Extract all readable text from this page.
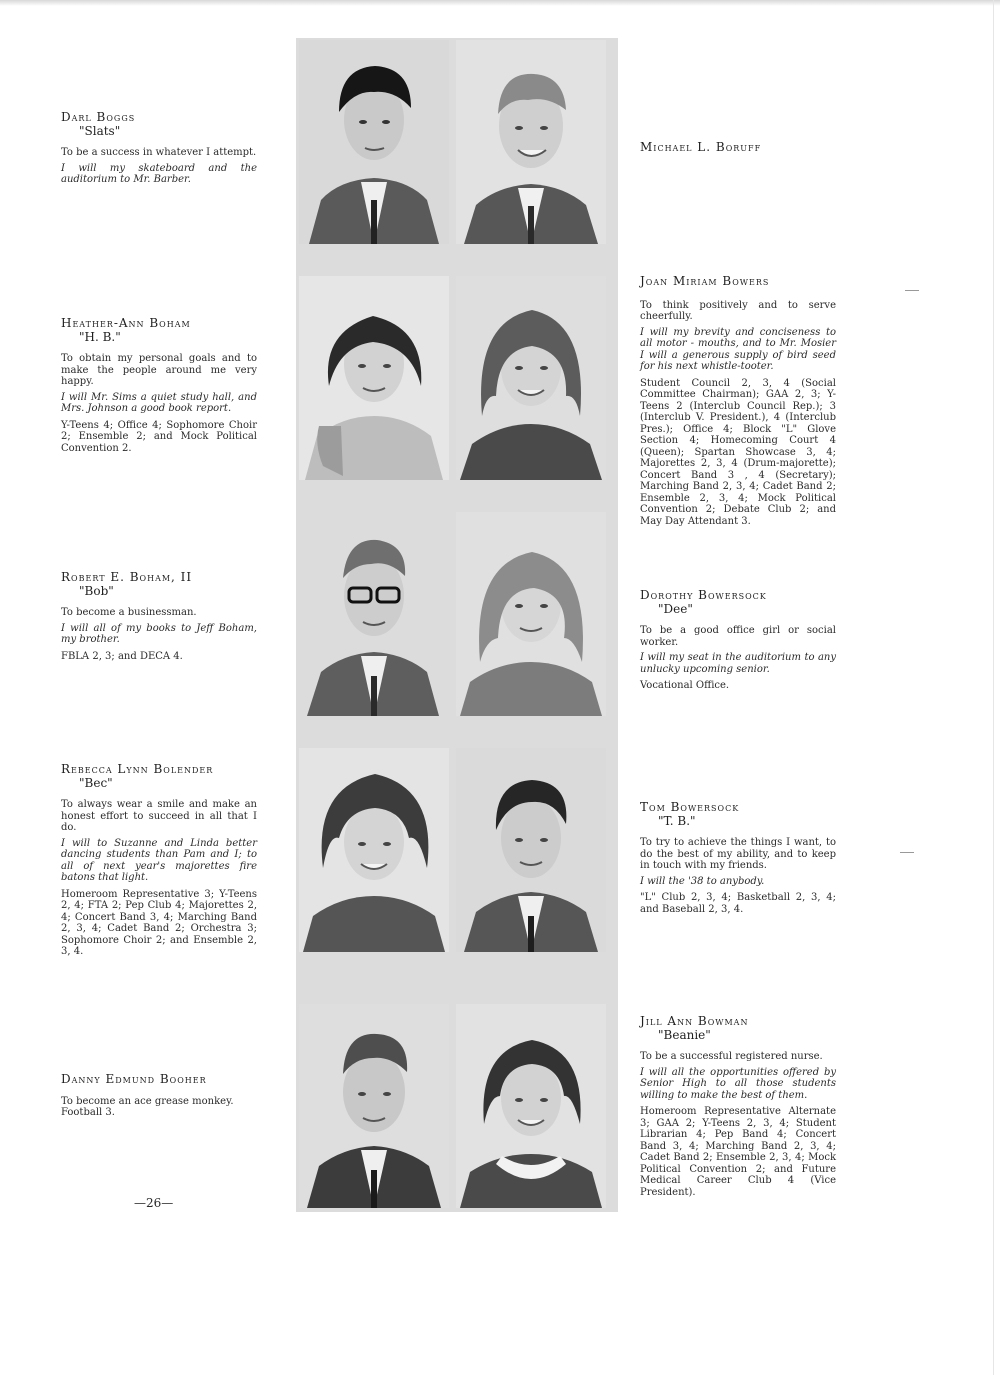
Darl Boggs
"Slats"
To be a success in whatever I attempt.
I will my skateboard and the auditorium to Mr. Barber.
Heather-Ann Boham
"H. B."
To obtain my personal goals and to make the people around me very happy.
I will Mr. Sims a quiet study hall, and Mrs. Johnson a good book report.
Y-Teens 4; Office 4; Sophomore Choir 2; Ensemble 2; and Mock Political Convention 2.
Robert E. Boham, II
"Bob"
To become a businessman.
I will all of my books to Jeff Boham, my brother.
FBLA 2, 3; and DECA 4.
Rebecca Lynn Bolender
"Bec"
To always wear a smile and make an honest effort to succeed in all that I do.
I will to Suzanne and Linda better dancing students than Pam and I; to all of next year's majorettes fire batons that light.
Homeroom Representative 3; Y-Teens 2, 4; FTA 2; Pep Club 4; Majorettes 2, 4; Concert Band 3, 4; Marching Band 2, 3, 4; Cadet Band 2; Orchestra 3; Sophomore Choir 2; and Ensemble 2, 3, 4.
Danny Edmund Booher
To become an ace grease monkey.
Football 3.
—26—
Michael L. Boruff
Joan Miriam Bowers
To think positively and to serve cheerfully.
I will my brevity and conciseness to all motor - mouths, and to Mr. Mosier I will a generous supply of bird seed for his next whistle-tooter.
Student Council 2, 3, 4 (Social Committee Chairman); GAA 2, 3; Y-Teens 2 (Interclub Council Rep.); 3 (Interclub V. President.), 4 (Interclub Pres.); Office 4; Block "L" Glove Section 4; Homecoming Court 4 (Queen); Spartan Showcase 3, 4; Majorettes 2, 3, 4 (Drum-majorette); Concert Band 3 , 4 (Secretary); Marching Band 2, 3, 4; Cadet Band 2; Ensemble 2, 3, 4; Mock Political Convention 2; Debate Club 2; and May Day Attendant 3.
Dorothy Bowersock
"Dee"
To be a good office girl or social worker.
I will my seat in the auditorium to any unlucky upcoming senior.
Vocational Office.
Tom Bowersock
"T. B."
To try to achieve the things I want, to do the best of my ability, and to keep in touch with my friends.
I will the '38 to anybody.
"L" Club 2, 3, 4; Basketball 2, 3, 4; and Baseball 2, 3, 4.
Jill Ann Bowman
"Beanie"
To be a successful registered nurse.
I will all the opportunities offered by Senior High to all those students willing to make the best of them.
Homeroom Representative Alternate 3; GAA 2; Y-Teens 2, 3, 4; Student Librarian 4; Pep Band 4; Concert Band 3, 4; Marching Band 2, 3, 4; Cadet Band 2; Ensemble 2, 3, 4; Mock Political Convention 2; and Future Medical Career Club 4 (Vice President).
